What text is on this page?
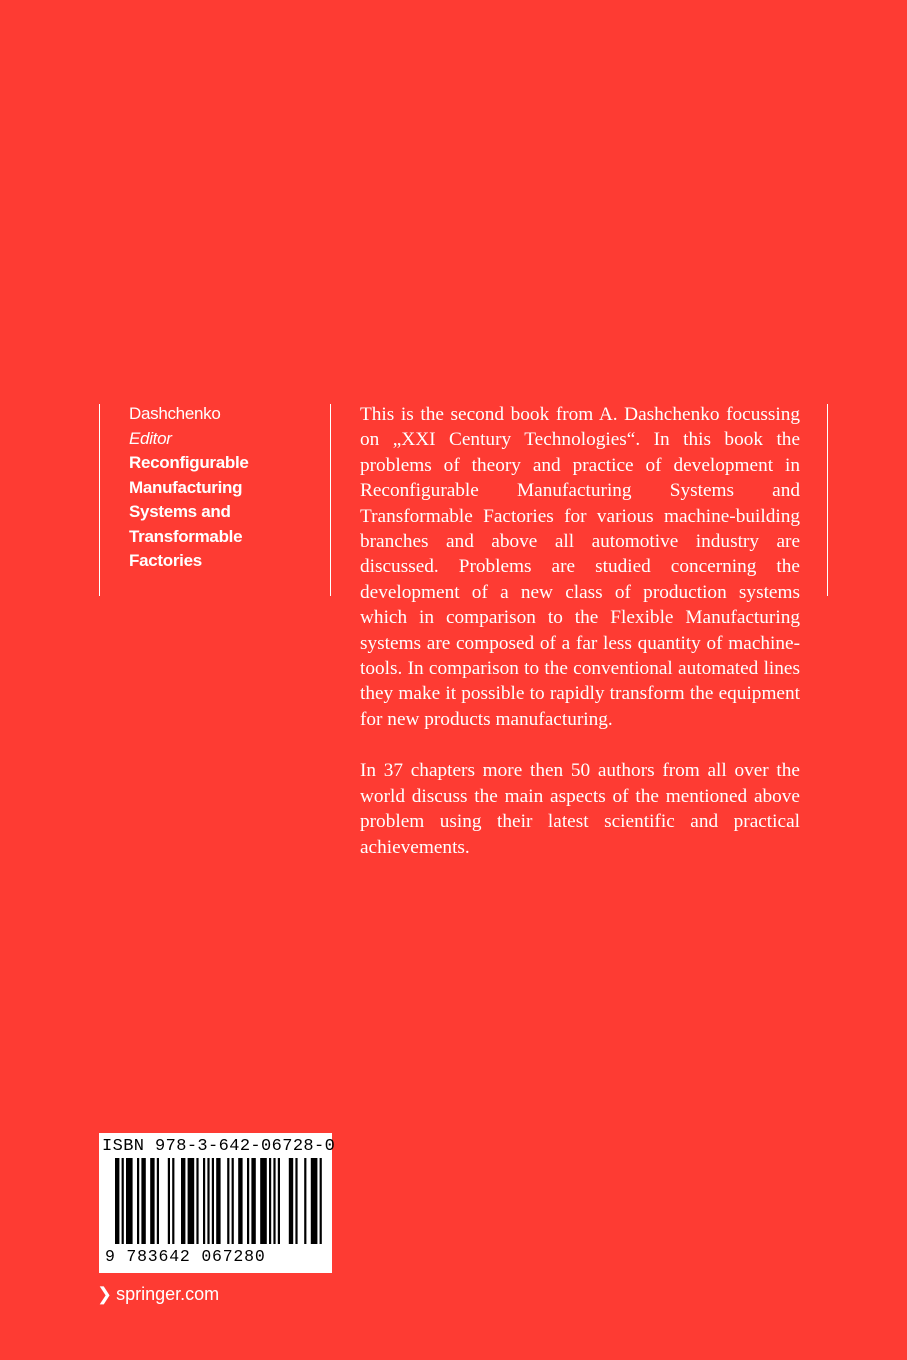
Dashchenko
Editor
Reconfigurable
Manufacturing
Systems and
Transformable
Factories

This is the second book from A. Dashchenko focussing on „XXI Century Technologies“. In this book the problems of theory and practice of development in Reconfigurable Manufacturing Systems and Transformable Factories for various machine-building branches and above all automotive industry are discussed. Problems are studied concerning the development of a new class of production systems which in comparison to the Flexible Manufacturing systems are composed of a far less quantity of machine-tools. In comparison to the conventional automated lines they make it possible to rapidly transform the equipment for new products manufacturing.

In 37 chapters more then 50 authors from all over the world discuss the main aspects of the mentioned above problem using their latest scientific and practical achievements.

ISBN 978-3-642-06728-0
9 783642 067280
❯ springer.com
